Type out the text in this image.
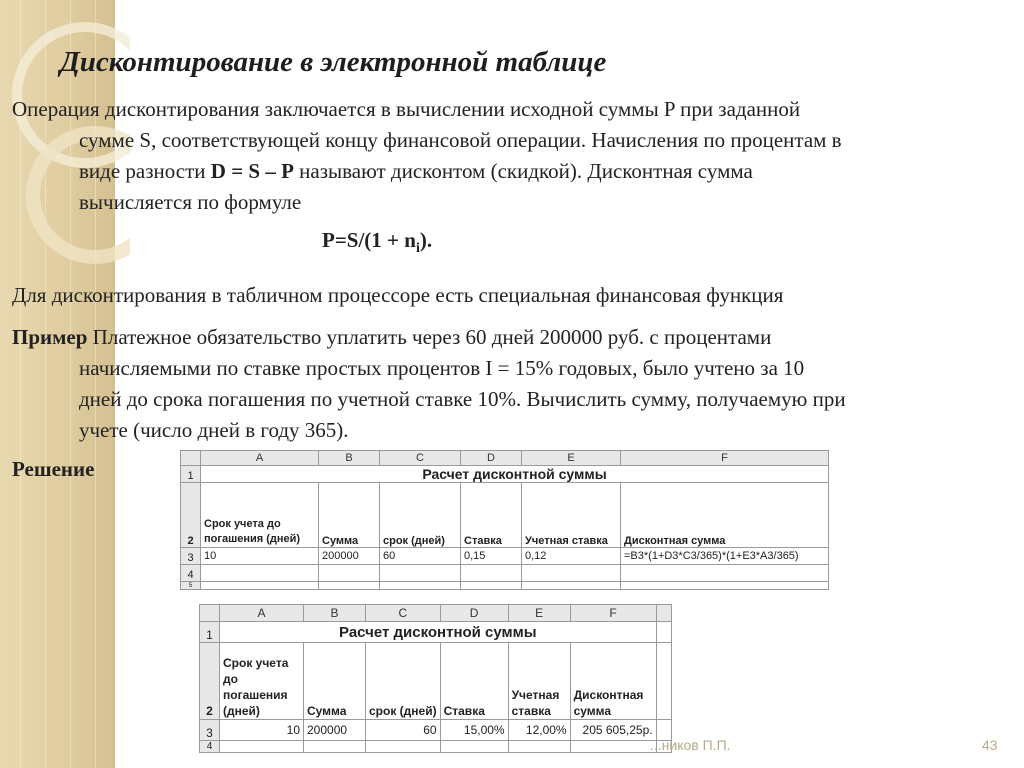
Дисконтирование в электронной таблице
Операция дисконтирования заключается в вычислении исходной суммы P при заданной
сумме S, соответствующей концу финансовой операции. Начисления по процентам в
виде разности D = S – P называют дисконтом (скидкой). Дисконтная сумма
вычисляется по формуле
$P=S/(1 + n_i)$.
Для дисконтирования в табличном процессоре есть специальная финансовая функция
Пример Платежное обязательство уплатить через 60 дней 200000 руб. с процентами
начисляемыми по ставке простых процентов I = 15% годовых, было учтено за 10
дней до срока погашения по учетной ставке 10%. Вычислить сумму, получаемую при
учете (число дней в году 365).
Решение
		A	B	C	D	E	F
1	Расчет дисконтной суммы					
2	Срок учета до
погашения (дней)	Сумма	срок (дней)	Ставка	Учетная ставка	Дисконтная сумма
3	10	200000	60	0,15	0,12	=B3*(1+D3*C3/365)*(1+E3*A3/365)
4						
5						
	A	B	C	D	E	F	
1	Расчет дисконтной суммы						
2	Срок учета до погашения (дней)	Сумма	срок (дней)	Ставка	Учетная ставка	Дисконтная сумма	
3	10	200000	60	15,00%	12,00%	205 605,25р.	
4								...ников П.П.	43
